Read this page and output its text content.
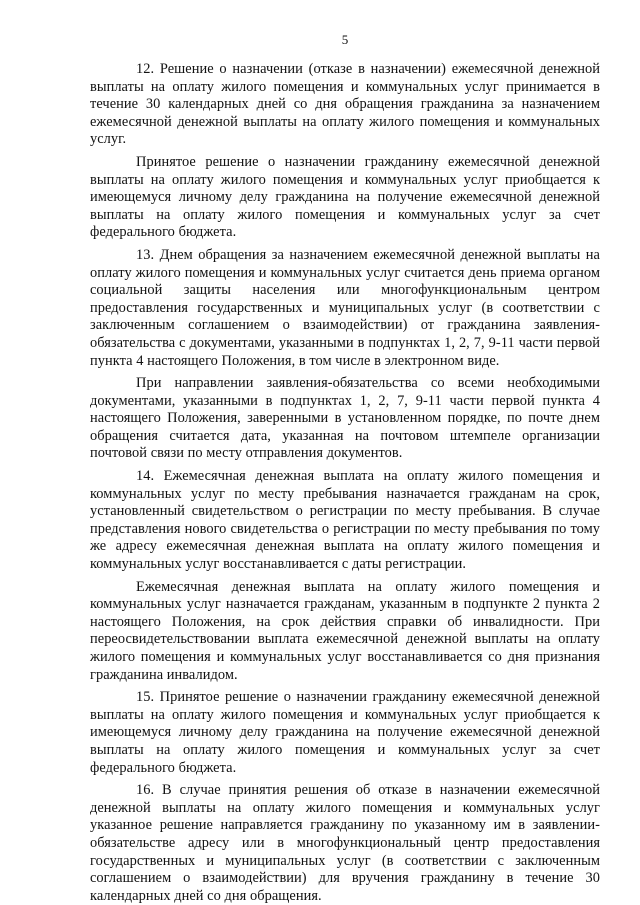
5

12. Решение о назначении (отказе в назначении) ежемесячной денежной выплаты на оплату жилого помещения и коммунальных услуг принимается в течение 30 календарных дней со дня обращения гражданина за назначением ежемесячной денежной выплаты на оплату жилого помещения и коммунальных услуг.

Принятое решение о назначении гражданину ежемесячной денежной выплаты на оплату жилого помещения и коммунальных услуг приобщается к имеющемуся личному делу гражданина на получение ежемесячной денежной выплаты на оплату жилого помещения и коммунальных услуг за счет федерального бюджета.

13. Днем обращения за назначением ежемесячной денежной выплаты на оплату жилого помещения и коммунальных услуг считается день приема органом социальной защиты населения или многофункциональным центром предоставления государственных и муниципальных услуг (в соответствии с заключенным соглашением о взаимодействии) от гражданина заявления-обязательства с документами, указанными в подпунктах 1, 2, 7, 9-11 части первой пункта 4 настоящего Положения, в том числе в электронном виде.

При направлении заявления-обязательства со всеми необходимыми документами, указанными в подпунктах 1, 2, 7, 9-11 части первой пункта 4 настоящего Положения, заверенными в установленном порядке, по почте днем обращения считается дата, указанная на почтовом штемпеле организации почтовой связи по месту отправления документов.

14. Ежемесячная денежная выплата на оплату жилого помещения и коммунальных услуг по месту пребывания назначается гражданам на срок, установленный свидетельством о регистрации по месту пребывания. В случае представления нового свидетельства о регистрации по месту пребывания по тому же адресу ежемесячная денежная выплата на оплату жилого помещения и коммунальных услуг восстанавливается с даты регистрации.

Ежемесячная денежная выплата на оплату жилого помещения и коммунальных услуг назначается гражданам, указанным в подпункте 2 пункта 2 настоящего Положения, на срок действия справки об инвалидности. При переосвидетельствовании выплата ежемесячной денежной выплаты на оплату жилого помещения и коммунальных услуг восстанавливается со дня признания гражданина инвалидом.

15. Принятое решение о назначении гражданину ежемесячной денежной выплаты на оплату жилого помещения и коммунальных услуг приобщается к имеющемуся личному делу гражданина на получение ежемесячной денежной выплаты на оплату жилого помещения и коммунальных услуг за счет федерального бюджета.

16. В случае принятия решения об отказе в назначении ежемесячной денежной выплаты на оплату жилого помещения и коммунальных услуг указанное решение направляется гражданину по указанному им в заявлении-обязательстве адресу или в многофункциональный центр предоставления государственных и муниципальных услуг (в соответствии с заключенным соглашением о взаимодействии) для вручения гражданину в течение 30 календарных дней со дня обращения.
